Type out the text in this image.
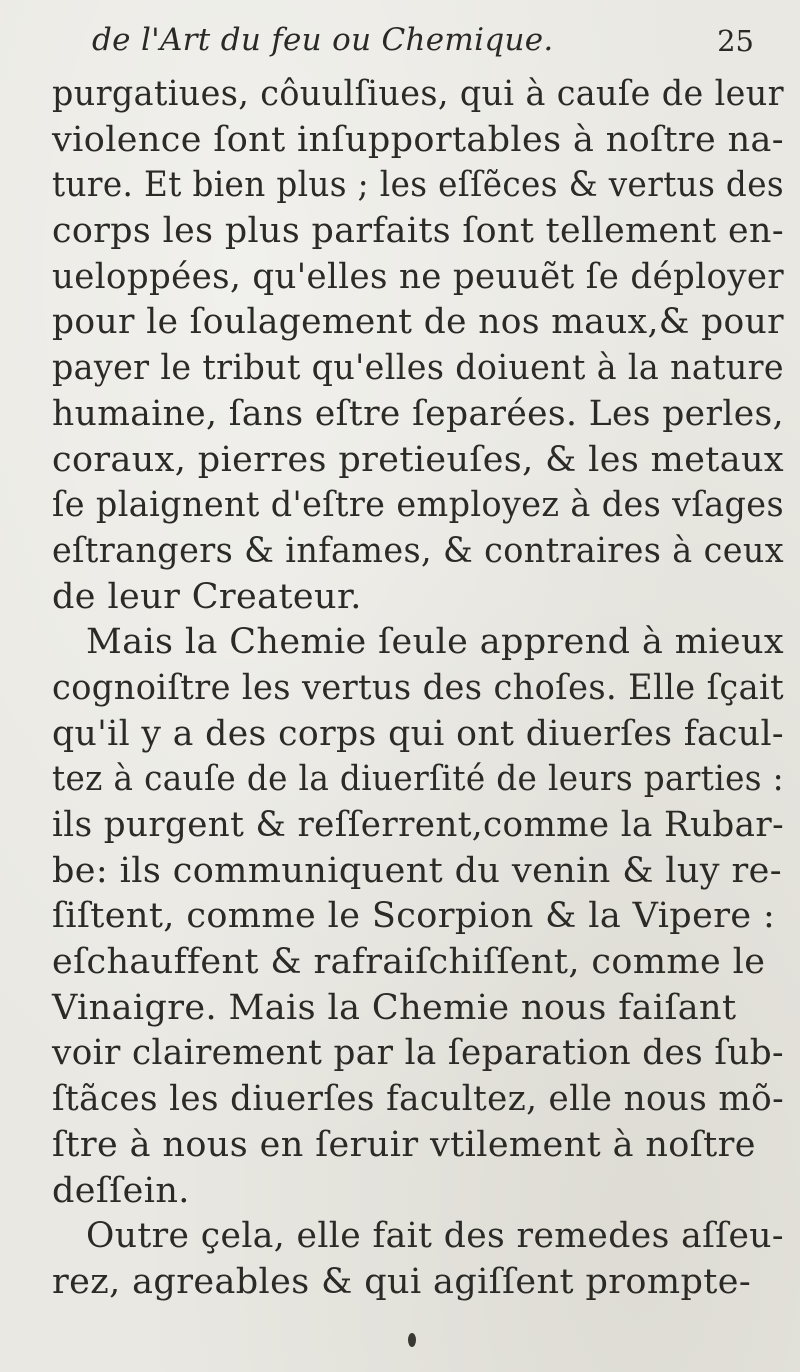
de l'Art du feu ou Chemique.	25
purgatiues, côuulſiues, qui à cauſe de leur
violence ſont inſupportables à noſtre na-
ture. Et bien plus ; les eſſẽces & vertus des
corps les plus parfaits ſont tellement en-
ueloppées, qu'elles ne peuuẽt ſe déployer
pour le ſoulagement de nos maux,& pour
payer le tribut qu'elles doiuent à la nature
humaine, ſans eſtre ſeparées. Les perles,
coraux, pierres pretieuſes, & les metaux
ſe plaignent d'eſtre employez à des vſages
eſtrangers & infames, & contraires à ceux
de leur Createur.
Mais la Chemie ſeule apprend à mieux
cognoiſtre les vertus des choſes. Elle ſçait
qu'il y a des corps qui ont diuerſes facul-
tez à cauſe de la diuerſité de leurs parties :
ils purgent & reſſerrent,comme la Rubar-
be: ils communiquent du venin & luy re-
ſiſtent, comme le Scorpion & la Vipere :
eſchauffent & rafraiſchiſſent, comme le
Vinaigre. Mais la Chemie nous faiſant
voir clairement par la ſeparation des ſub-
ſtãces les diuerſes facultez, elle nous mõ-
ſtre à nous en ſeruir vtilement à noſtre
deſſein.
Outre çela, elle fait des remedes aſſeu-
rez, agreables & qui agiſſent prompte-
